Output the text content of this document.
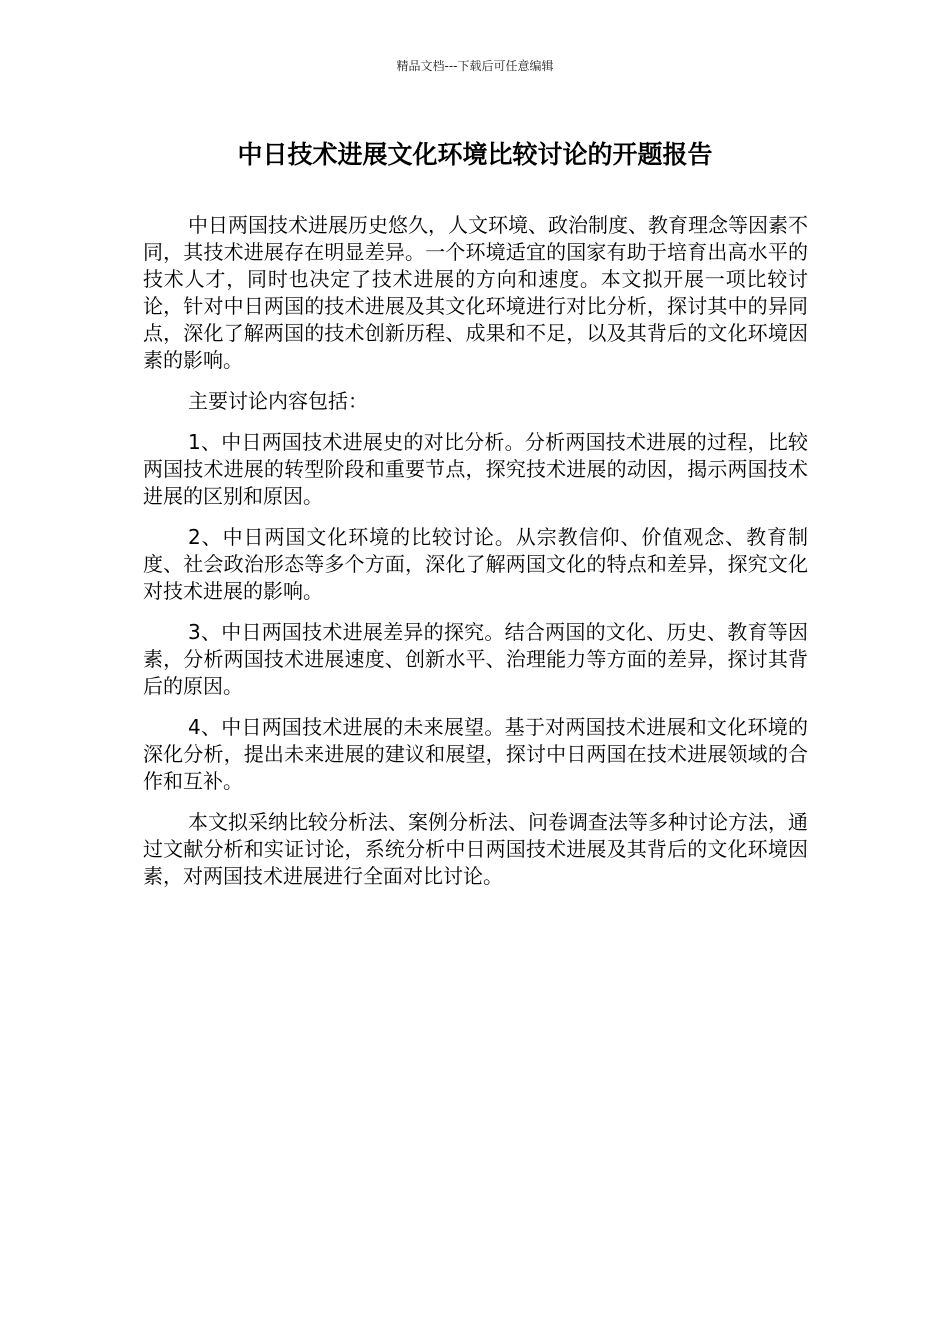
精品文档---下载后可任意编辑
中日技术进展文化环境比较讨论的开题报告

中日两国技术进展历史悠久，人文环境、政治制度、教育理念等因素不同，其技术进展存在明显差异。一个环境适宜的国家有助于培育出高水平的技术人才，同时也决定了技术进展的方向和速度。本文拟开展一项比较讨论，针对中日两国的技术进展及其文化环境进行对比分析，探讨其中的异同点，深化了解两国的技术创新历程、成果和不足，以及其背后的文化环境因素的影响。

主要讨论内容包括：

1、中日两国技术进展史的对比分析。分析两国技术进展的过程，比较两国技术进展的转型阶段和重要节点，探究技术进展的动因，揭示两国技术进展的区别和原因。

2、中日两国文化环境的比较讨论。从宗教信仰、价值观念、教育制度、社会政治形态等多个方面，深化了解两国文化的特点和差异，探究文化对技术进展的影响。

3、中日两国技术进展差异的探究。结合两国的文化、历史、教育等因素，分析两国技术进展速度、创新水平、治理能力等方面的差异，探讨其背后的原因。

4、中日两国技术进展的未来展望。基于对两国技术进展和文化环境的深化分析，提出未来进展的建议和展望，探讨中日两国在技术进展领域的合作和互补。

本文拟采纳比较分析法、案例分析法、问卷调查法等多种讨论方法，通过文献分析和实证讨论，系统分析中日两国技术进展及其背后的文化环境因素，对两国技术进展进行全面对比讨论。
